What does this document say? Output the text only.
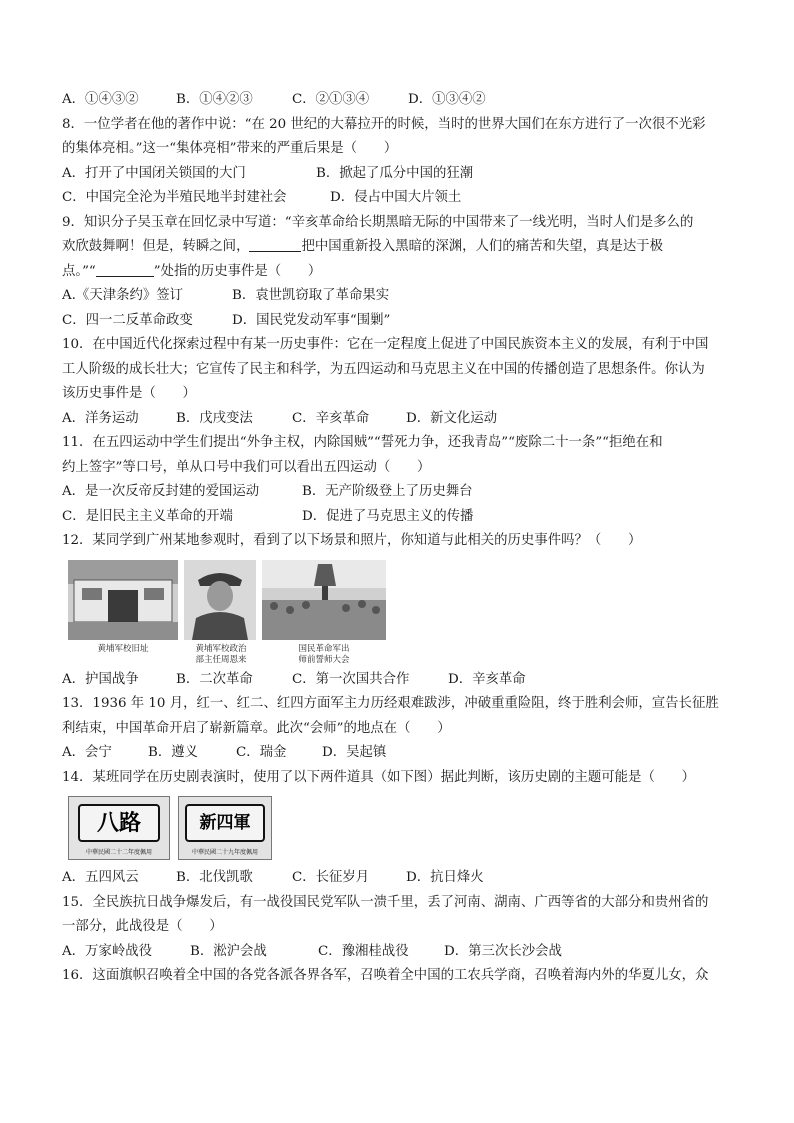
A．①④③②	B．①④②③	C．②①③④	D．①③④②
8．一位学者在他的著作中说：“在 20 世纪的大幕拉开的时候，当时的世界大国们在东方进行了一次很不光彩
的集体亮相。”这一“集体亮相”带来的严重后果是（　　）
A．打开了中国闭关锁国的大门	B．掀起了瓜分中国的狂潮
C．中国完全沦为半殖民地半封建社会	D．侵占中国大片领土
9．知识分子吴玉章在回忆录中写道：“辛亥革命给长期黑暗无际的中国带来了一线光明，当时人们是多么的
欢欣鼓舞啊！但是，转瞬之间，	把中国重新投入黑暗的深渊，人们的痛苦和失望，真是达于极
点。”“	”处指的历史事件是（　　）
A.《天津条约》签订	B．袁世凯窃取了革命果实
C．四一二反革命政变	D．国民党发动军事“围剿”
10．在中国近代化探索过程中有某一历史事件：它在一定程度上促进了中国民族资本主义的发展，有利于中国
工人阶级的成长壮大；它宣传了民主和科学，为五四运动和马克思主义在中国的传播创造了思想条件。你认为
该历史事件是（　　）
A．洋务运动	B．戊戌变法	C．辛亥革命	D．新文化运动
11．在五四运动中学生们提出“外争主权，内除国贼”“誓死力争，还我青岛”“废除二十一条”“拒绝在和
约上签字”等口号，单从口号中我们可以看出五四运动（　　）
A．是一次反帝反封建的爱国运动	B．无产阶级登上了历史舞台
C．是旧民主主义革命的开端	D．促进了马克思主义的传播
12．某同学到广州某地参观时，看到了以下场景和照片，你知道与此相关的历史事件吗？（　　）
黄埔军校旧址	黄埔军校政治
部主任周恩来
国民革命军出
师前誓师大会
A．护国战争	B．二次革命	C．第一次国共合作	D．辛亥革命
13．1936 年 10 月，红一、红二、红四方面军主力历经艰难跋涉，冲破重重险阻，终于胜利会师，宣告长征胜
利结束，中国革命开启了崭新篇章。此次“会师”的地点在（　　）
A．会宁	B．遵义	C．瑞金	D．吴起镇
14．某班同学在历史剧表演时，使用了以下两件道具（如下图）据此判断，该历史剧的主题可能是（　　）
八路
中華民國二十二年度佩用
新四軍
中華民國二十九年度佩用
A．五四风云	B．北伐凯歌	C．长征岁月	D．抗日烽火
15．全民族抗日战争爆发后，有一战役国民党军队一溃千里，丢了河南、湖南、广西等省的大部分和贵州省的
一部分，此战役是（　　）
A．万家岭战役	B．淞沪会战	C．豫湘桂战役	D．第三次长沙会战
16．这面旗帜召唤着全中国的各党各派各界各军，召唤着全中国的工农兵学商，召唤着海内外的华夏儿女，众
